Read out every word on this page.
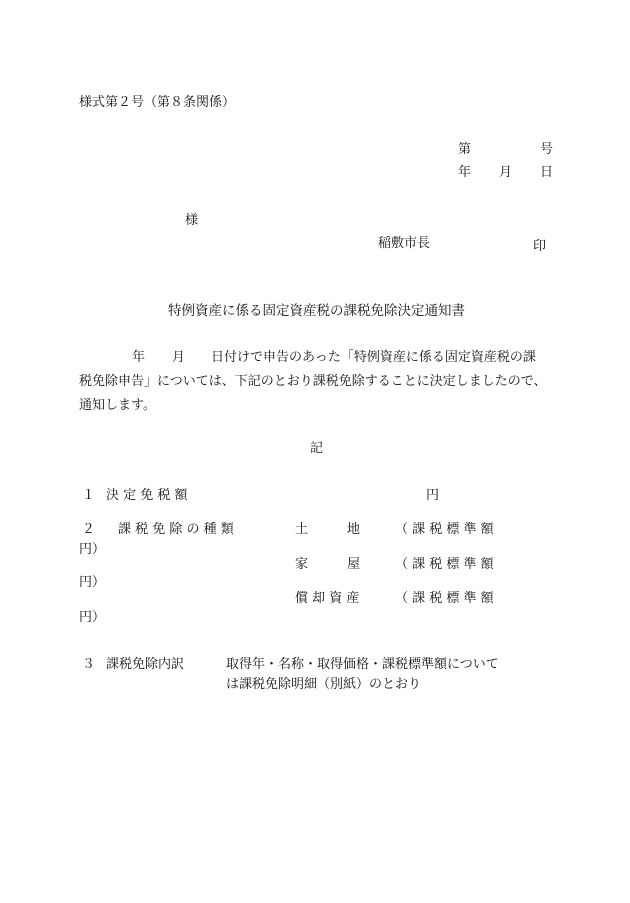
様式第２号（第８条関係）
第	号
年 月 日
様
稲敷市長	印
特例資産に係る固定資産税の課税免除決定通知書
年 月 日付けで申告のあった「特例資産に係る固定資産税の課
税免除申告」については、下記のとおり課税免除することに決定しましたので、
通知します。
記
１ 決 定 免 税 額	円
２ 課 税 免 除 の 種 類	土　　　地	（ 課 税 標 準 額
円）
家　　　屋	（ 課 税 標 準 額
円）
償 却 資 産	（ 課 税 標 準 額
円）
３ 課税免除内訳	取得年・名称・取得価格・課税標準額について
は課税免除明細（別紙）のとおり
